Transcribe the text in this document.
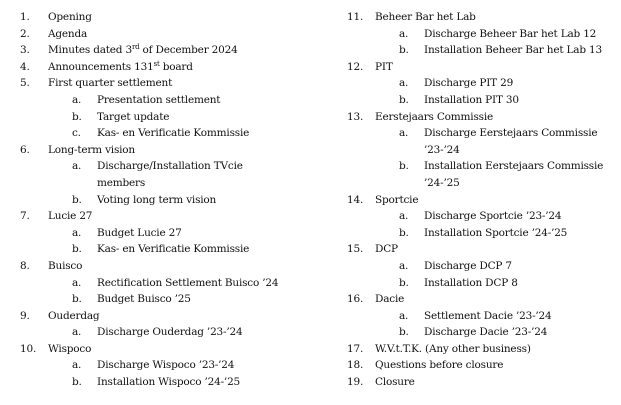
1. Opening
2. Agenda
3. Minutes dated 3rd of December 2024
4. Announcements 131st board
5. First quarter settlement
a. Presentation settlement
b. Target update
c. Kas- en Verificatie Kommissie
6. Long-term vision
a. Discharge/Installation TVcie
members
b. Voting long term vision
7. Lucie 27
a. Budget Lucie 27
b. Kas- en Verificatie Kommissie
8. Buisco
a. Rectification Settlement Buisco ’24
b. Budget Buisco ’25
9. Ouderdag
a. Discharge Ouderdag ’23-’24
10. Wispoco
a. Discharge Wispoco ’23-’24
b. Installation Wispoco ’24-’25
11. Beheer Bar het Lab
a. Discharge Beheer Bar het Lab 12
b. Installation Beheer Bar het Lab 13
12. PIT
a. Discharge PIT 29
b. Installation PIT 30
13. Eerstejaars Commissie
a. Discharge Eerstejaars Commissie
’23-’24
b. Installation Eerstejaars Commissie
’24-’25
14. Sportcie
a. Discharge Sportcie ’23-’24
b. Installation Sportcie ’24-’25
15. DCP
a. Discharge DCP 7
b. Installation DCP 8
16. Dacie
a. Settlement Dacie ’23-’24
b. Discharge Dacie ’23-’24
17. W.V.t.T.K. (Any other business)
18. Questions before closure
19. Closure
